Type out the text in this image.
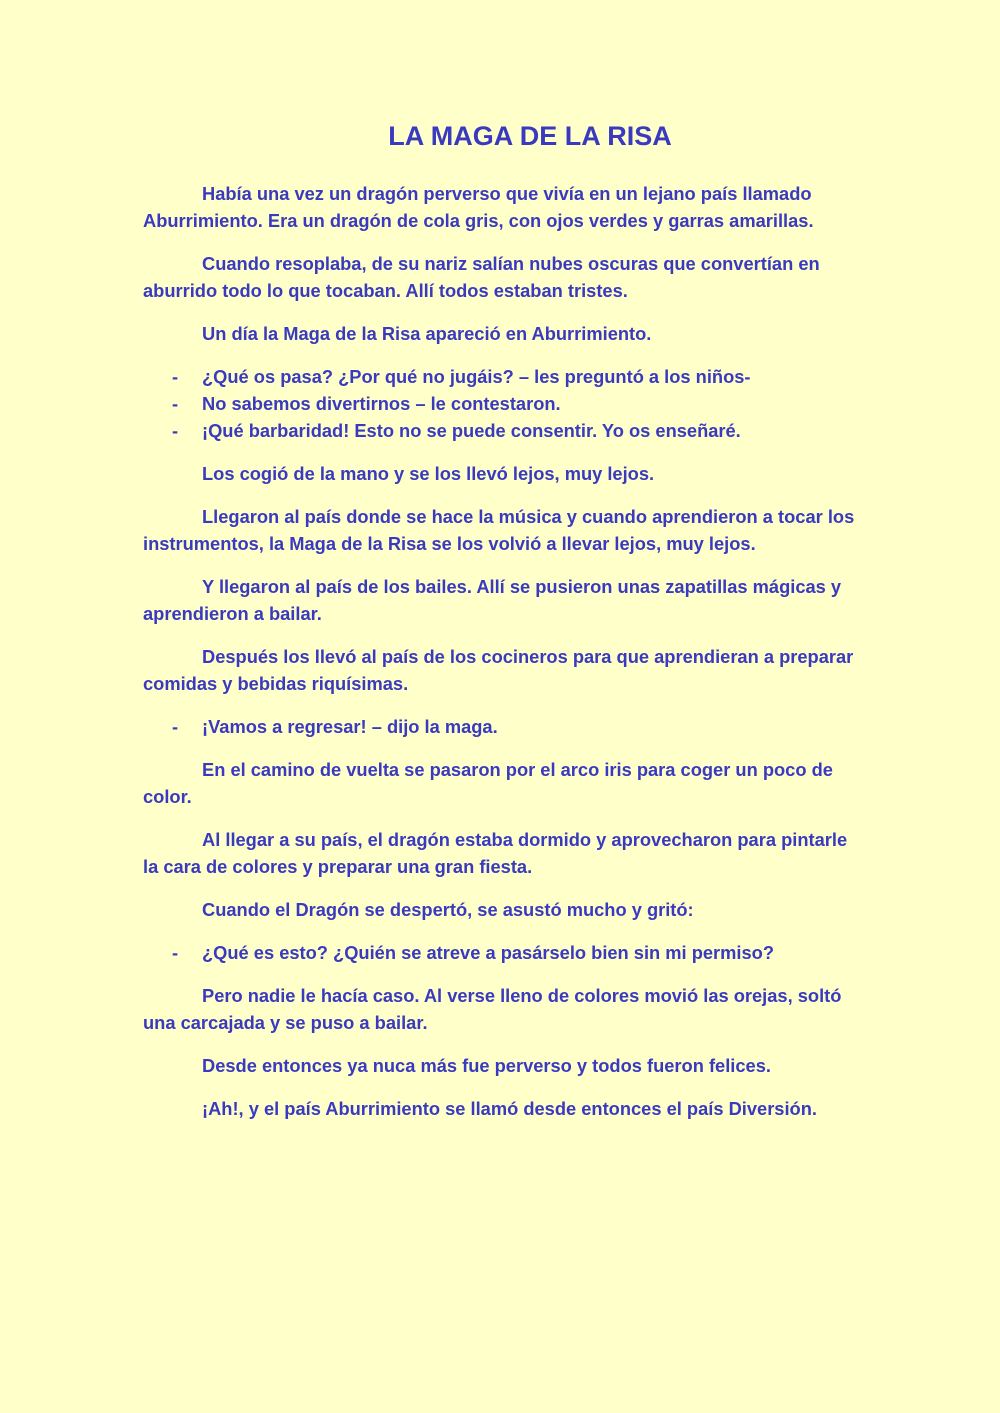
LA MAGA DE LA RISA

Había una vez un dragón perverso que vivía en un lejano país llamado Aburrimiento. Era un dragón de cola gris, con ojos verdes y garras amarillas.

Cuando resoplaba, de su nariz salían nubes oscuras que convertían en aburrido todo lo que tocaban. Allí todos estaban tristes.

Un día la Maga de la Risa apareció en Aburrimiento.

- ¿Qué os pasa? ¿Por qué no jugáis? – les preguntó a los niños-
- No sabemos divertirnos – le contestaron.
- ¡Qué barbaridad! Esto no se puede consentir. Yo os enseñaré.

Los cogió de la mano y se los llevó lejos, muy lejos.

Llegaron al país donde se hace la música y cuando aprendieron a tocar los instrumentos, la Maga de la Risa se los volvió a llevar lejos, muy lejos.

Y llegaron al país de los bailes. Allí se pusieron unas zapatillas mágicas y aprendieron a bailar.

Después los llevó al país de los cocineros para que aprendieran a preparar comidas y bebidas riquísimas.

- ¡Vamos a regresar! – dijo la maga.

En el camino de vuelta se pasaron por el arco iris para coger un poco de color.

Al llegar a su país, el dragón estaba dormido y aprovecharon para pintarle la cara de colores y preparar una gran fiesta.

Cuando el Dragón se despertó, se asustó mucho y gritó:

- ¿Qué es esto? ¿Quién se atreve a pasárselo bien sin mi permiso?

Pero nadie le hacía caso. Al verse lleno de colores movió las orejas, soltó una carcajada y se puso a bailar.

Desde entonces ya nuca más fue perverso y todos fueron felices.

¡Ah!, y el país Aburrimiento se llamó desde entonces el país Diversión.
